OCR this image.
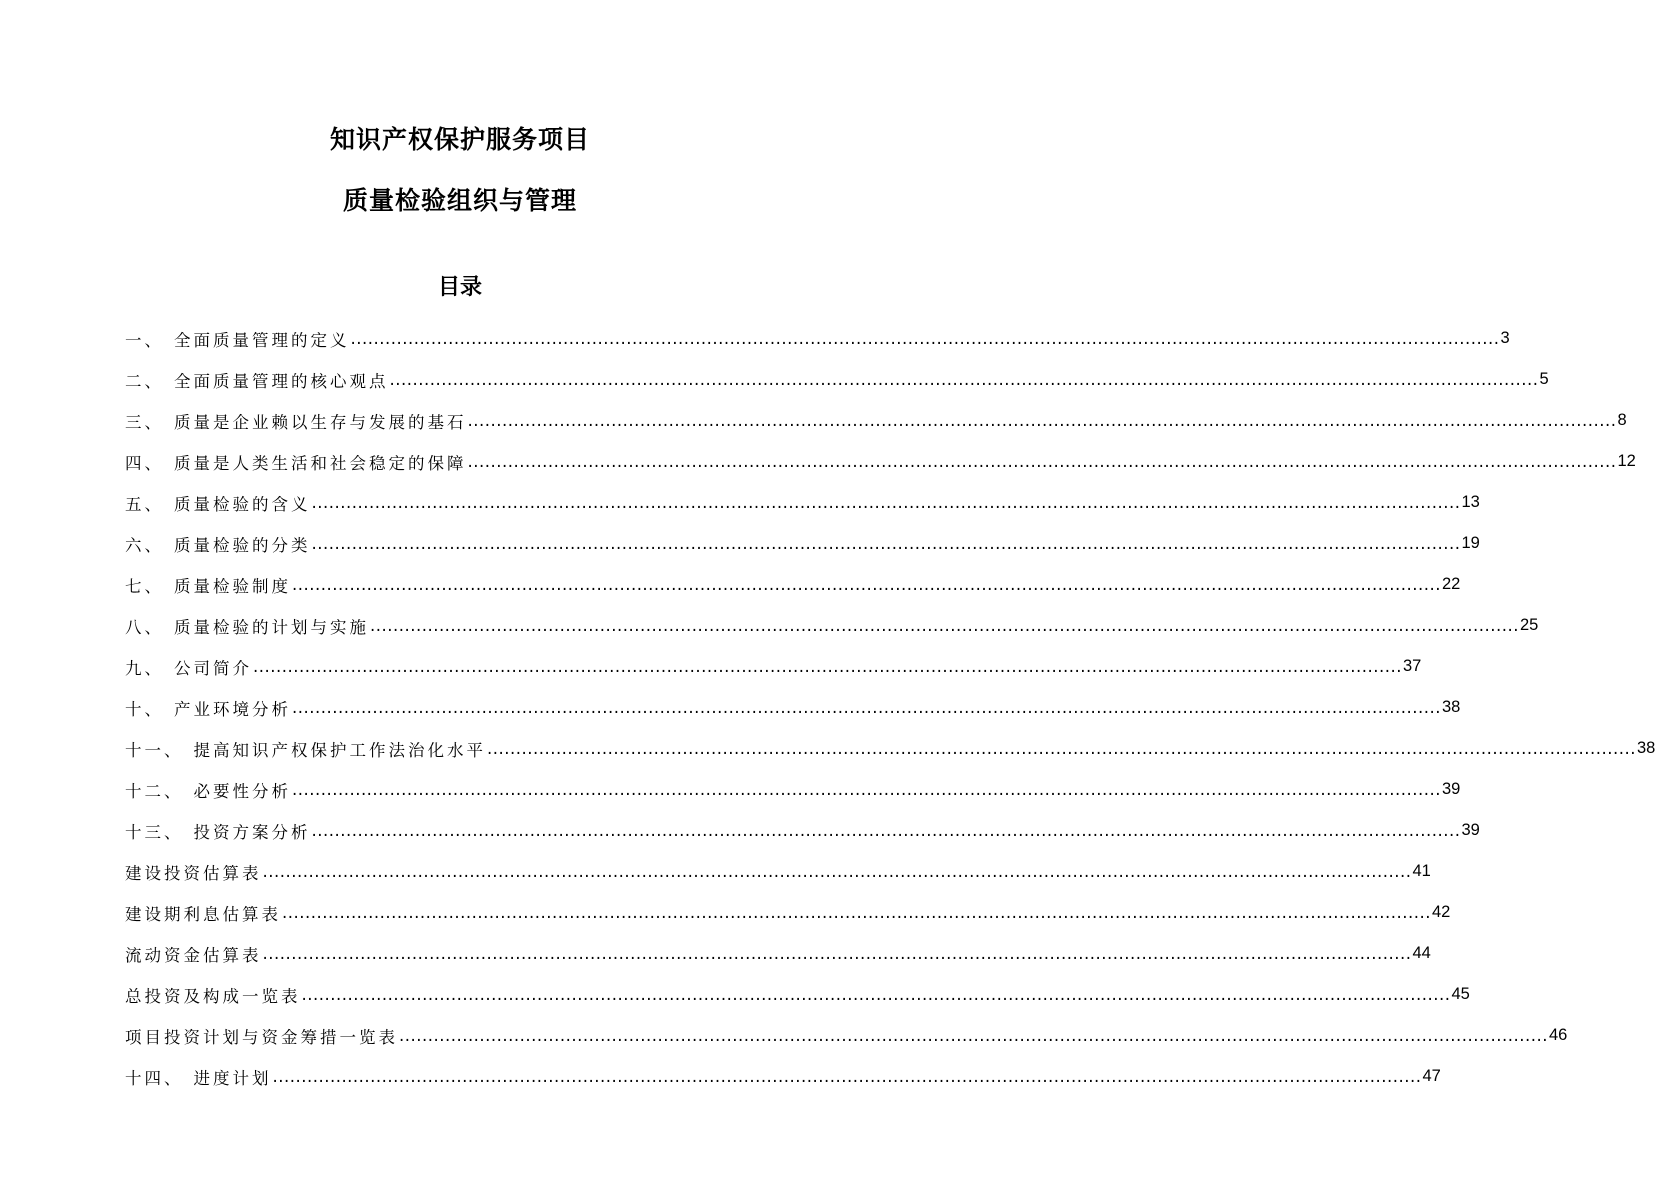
知识产权保护服务项目
质量检验组织与管理
目录
一、 全面质量管理的定义 ........................................................................................................................................................................................................ 3
二、 全面质量管理的核心观点 ........................................................................................................................................................................................................ 5
三、 质量是企业赖以生存与发展的基石 ........................................................................................................................................................................................................ 8
四、 质量是人类生活和社会稳定的保障 ........................................................................................................................................................................................................ 12
五、 质量检验的含义 ........................................................................................................................................................................................................ 13
六、 质量检验的分类 ........................................................................................................................................................................................................ 19
七、 质量检验制度 ........................................................................................................................................................................................................ 22
八、 质量检验的计划与实施 ........................................................................................................................................................................................................ 25
九、 公司简介 ........................................................................................................................................................................................................ 37
十、 产业环境分析 ........................................................................................................................................................................................................ 38
十一、 提高知识产权保护工作法治化水平 ........................................................................................................................................................................................................ 38
十二、 必要性分析 ........................................................................................................................................................................................................ 39
十三、 投资方案分析 ........................................................................................................................................................................................................ 39
建设投资估算表 ........................................................................................................................................................................................................ 41
建设期利息估算表 ........................................................................................................................................................................................................ 42
流动资金估算表 ........................................................................................................................................................................................................ 44
总投资及构成一览表 ........................................................................................................................................................................................................ 45
项目投资计划与资金筹措一览表 ........................................................................................................................................................................................................ 46
十四、 进度计划 ........................................................................................................................................................................................................ 47
